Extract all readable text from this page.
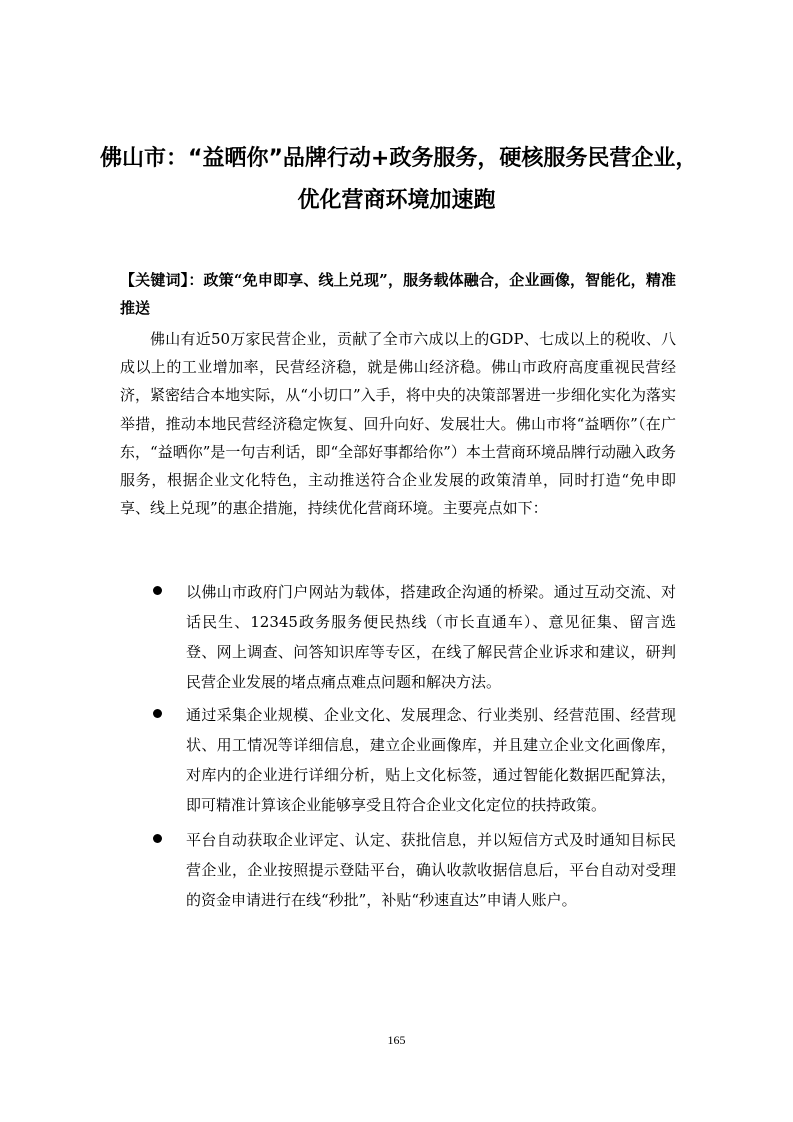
佛山市：“益晒你”品牌行动+政务服务，硬核服务民营企业，
优化营商环境加速跑

【关键词】：政策“免申即享、线上兑现”，服务载体融合，企业画像，智能化，精准推送

佛山有近50万家民营企业，贡献了全市六成以上的GDP、七成以上的税收、八成以上的工业增加率，民营经济稳，就是佛山经济稳。佛山市政府高度重视民营经济，紧密结合本地实际，从“小切口”入手，将中央的决策部署进一步细化实化为落实举措，推动本地民营经济稳定恢复、回升向好、发展壮大。佛山市将“益晒你”（在广东，“益晒你”是一句吉利话，即“全部好事都给你”）本土营商环境品牌行动融入政务服务，根据企业文化特色，主动推送符合企业发展的政策清单，同时打造“免申即享、线上兑现”的惠企措施，持续优化营商环境。主要亮点如下：

以佛山市政府门户网站为载体，搭建政企沟通的桥梁。通过互动交流、对话民生、12345政务服务便民热线（市长直通车）、意见征集、留言选登、网上调查、问答知识库等专区，在线了解民营企业诉求和建议，研判民营企业发展的堵点痛点难点问题和解决方法。

通过采集企业规模、企业文化、发展理念、行业类别、经营范围、经营现状、用工情况等详细信息，建立企业画像库，并且建立企业文化画像库，对库内的企业进行详细分析，贴上文化标签，通过智能化数据匹配算法，即可精准计算该企业能够享受且符合企业文化定位的扶持政策。

平台自动获取企业评定、认定、获批信息，并以短信方式及时通知目标民营企业，企业按照提示登陆平台，确认收款收据信息后，平台自动对受理的资金申请进行在线“秒批”，补贴“秒速直达”申请人账户。

165
